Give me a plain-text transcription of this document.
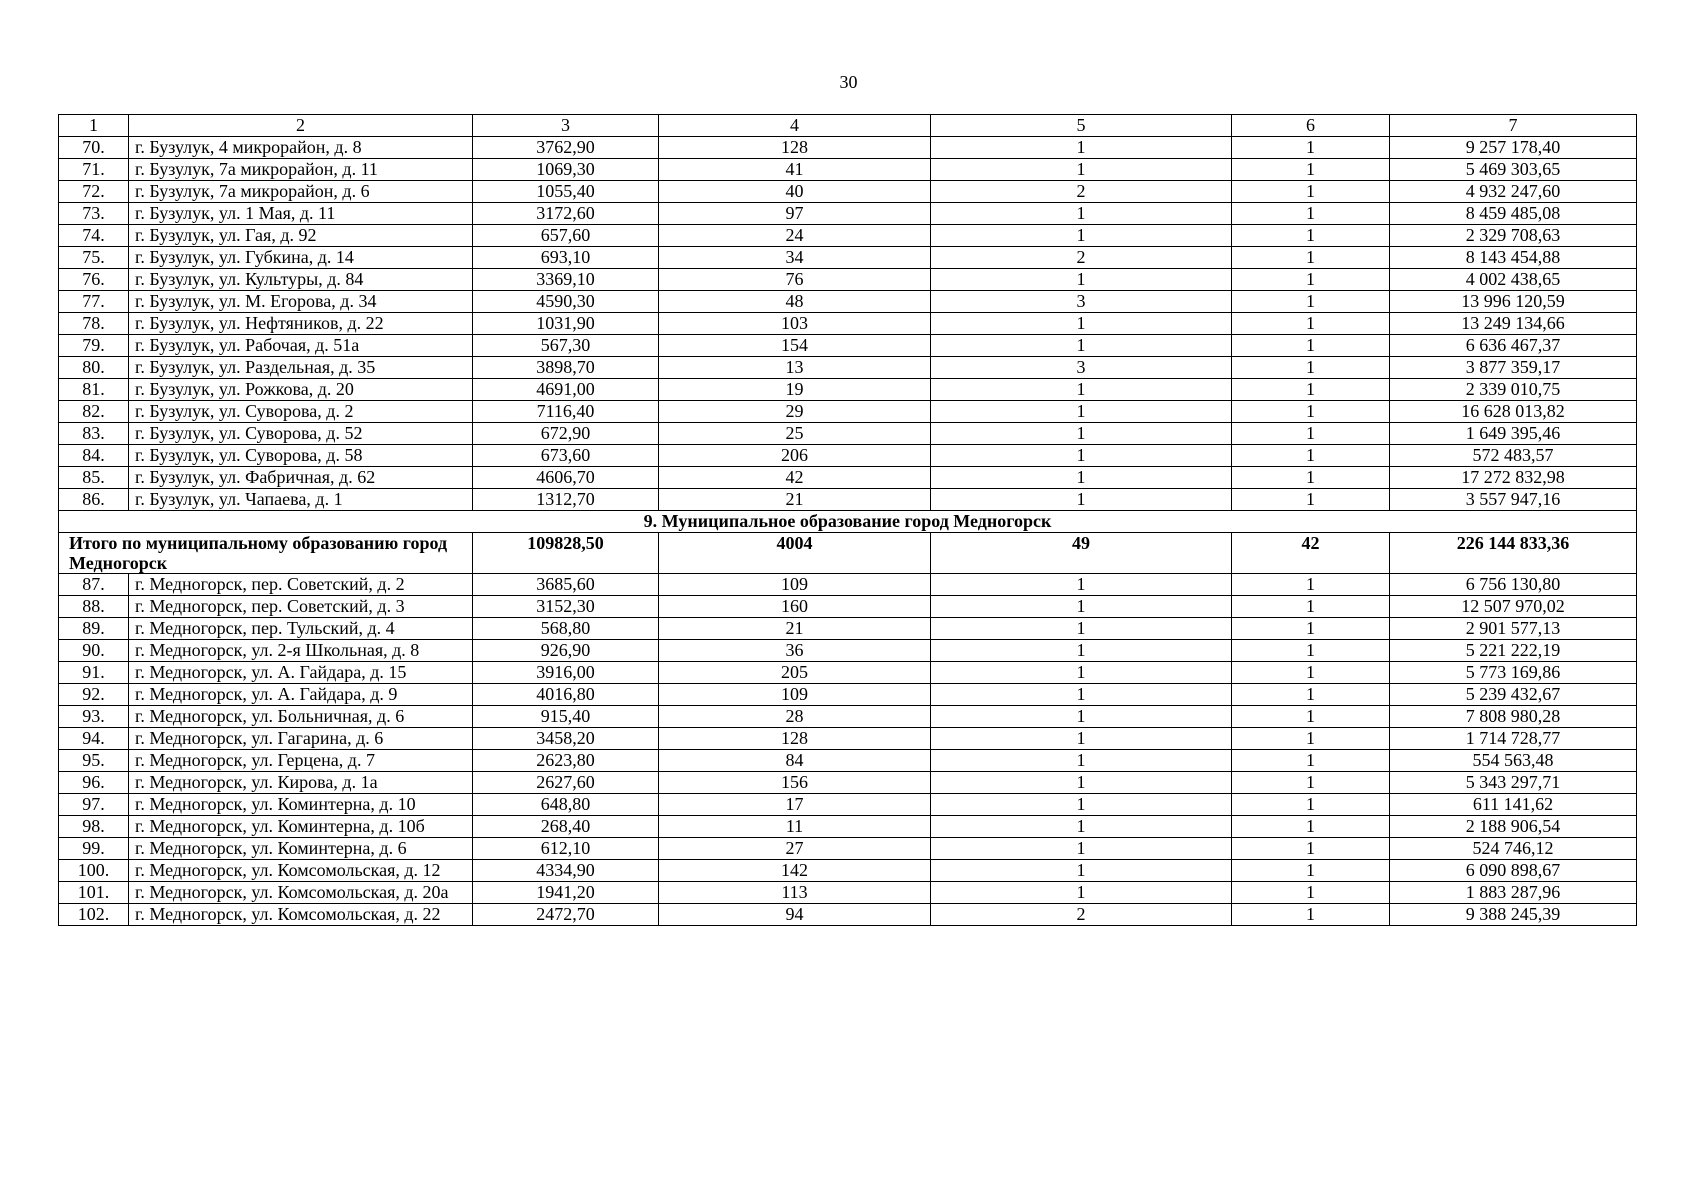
30
1	2	3	4	5	6	7
70.	г. Бузулук, 4 микрорайон, д. 8	3762,90	128	1	1	9 257 178,40
71.	г. Бузулук, 7а микрорайон, д. 11	1069,30	41	1	1	5 469 303,65
72.	г. Бузулук, 7а микрорайон, д. 6	1055,40	40	2	1	4 932 247,60
73.	г. Бузулук, ул. 1 Мая, д. 11	3172,60	97	1	1	8 459 485,08
74.	г. Бузулук, ул. Гая, д. 92	657,60	24	1	1	2 329 708,63
75.	г. Бузулук, ул. Губкина, д. 14	693,10	34	2	1	8 143 454,88
76.	г. Бузулук, ул. Культуры, д. 84	3369,10	76	1	1	4 002 438,65
77.	г. Бузулук, ул. М. Егорова, д. 34	4590,30	48	3	1	13 996 120,59
78.	г. Бузулук, ул. Нефтяников, д. 22	1031,90	103	1	1	13 249 134,66
79.	г. Бузулук, ул. Рабочая, д. 51а	567,30	154	1	1	6 636 467,37
80.	г. Бузулук, ул. Раздельная, д. 35	3898,70	13	3	1	3 877 359,17
81.	г. Бузулук, ул. Рожкова, д. 20	4691,00	19	1	1	2 339 010,75
82.	г. Бузулук, ул. Суворова, д. 2	7116,40	29	1	1	16 628 013,82
83.	г. Бузулук, ул. Суворова, д. 52	672,90	25	1	1	1 649 395,46
84.	г. Бузулук, ул. Суворова, д. 58	673,60	206	1	1	572 483,57
85.	г. Бузулук, ул. Фабричная, д. 62	4606,70	42	1	1	17 272 832,98
86.	г. Бузулук, ул. Чапаева, д. 1	1312,70	21	1	1	3 557 947,16
9. Муниципальное образование город Медногорск						
Итого по муниципальному образованию город Медногорск		109828,50	4004	49	42	226 144 833,36
87.	г. Медногорск, пер. Советский, д. 2	3685,60	109	1	1	6 756 130,80
88.	г. Медногорск, пер. Советский, д. 3	3152,30	160	1	1	12 507 970,02
89.	г. Медногорск, пер. Тульский, д. 4	568,80	21	1	1	2 901 577,13
90.	г. Медногорск, ул. 2-я Школьная, д. 8	926,90	36	1	1	5 221 222,19
91.	г. Медногорск, ул. А. Гайдара, д. 15	3916,00	205	1	1	5 773 169,86
92.	г. Медногорск, ул. А. Гайдара, д. 9	4016,80	109	1	1	5 239 432,67
93.	г. Медногорск, ул. Больничная, д. 6	915,40	28	1	1	7 808 980,28
94.	г. Медногорск, ул. Гагарина, д. 6	3458,20	128	1	1	1 714 728,77
95.	г. Медногорск, ул. Герцена, д. 7	2623,80	84	1	1	554 563,48
96.	г. Медногорск, ул. Кирова, д. 1а	2627,60	156	1	1	5 343 297,71
97.	г. Медногорск, ул. Коминтерна, д. 10	648,80	17	1	1	611 141,62
98.	г. Медногорск, ул. Коминтерна, д. 10б	268,40	11	1	1	2 188 906,54
99.	г. Медногорск, ул. Коминтерна, д. 6	612,10	27	1	1	524 746,12
100.	г. Медногорск, ул. Комсомольская, д. 12	4334,90	142	1	1	6 090 898,67
101.	г. Медногорск, ул. Комсомольская, д. 20а	1941,20	113	1	1	1 883 287,96
102.	г. Медногорск, ул. Комсомольская, д. 22	2472,70	94	2	1	9 388 245,39
